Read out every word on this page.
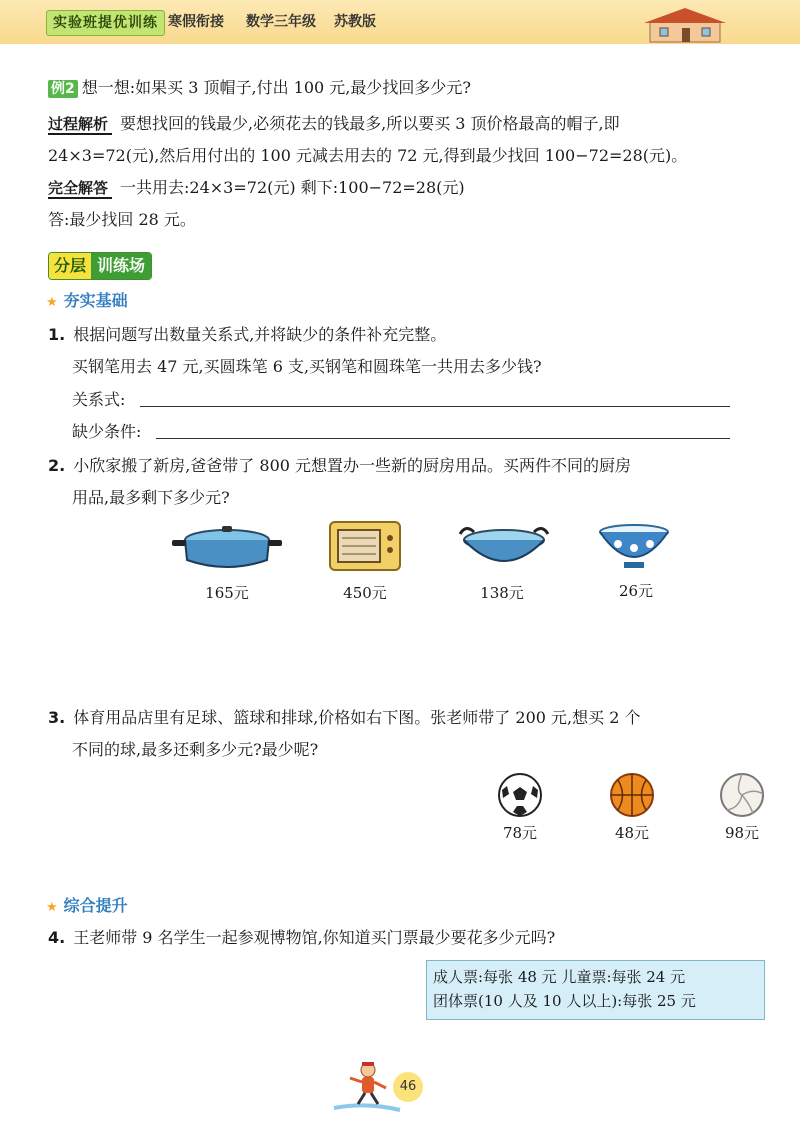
实验班提优训练 寒假衔接 数学三年级 苏教版
例2 想一想:如果买 3 顶帽子,付出 100 元,最少找回多少元?
过程解析 要想找回的钱最少,必须花去的钱最多,所以要买 3 顶价格最高的帽子,即
24×3=72(元),然后用付出的 100 元减去用去的 72 元,得到最少找回 100−72=28(元)。
完全解答 一共用去:24×3=72(元) 剩下:100−72=28(元)
答:最少找回 28 元。
分层 训练场
★ 夯实基础
1. 根据问题写出数量关系式,并将缺少的条件补充完整。
买钢笔用去 47 元,买圆珠笔 6 支,买钢笔和圆珠笔一共用去多少钱?
关系式:
缺少条件:
2. 小欣家搬了新房,爸爸带了 800 元想置办一些新的厨房用品。买两件不同的厨房
用品,最多剩下多少元?
165元	450元	138元	26元
3. 体育用品店里有足球、篮球和排球,价格如右下图。张老师带了 200 元,想买 2 个
不同的球,最多还剩多少元?最少呢?
78元	48元	98元
★ 综合提升
4. 王老师带 9 名学生一起参观博物馆,你知道买门票最少要花多少元吗?
成人票:每张 48 元 儿童票:每张 24 元
团体票(10 人及 10 人以上):每张 25 元
46
